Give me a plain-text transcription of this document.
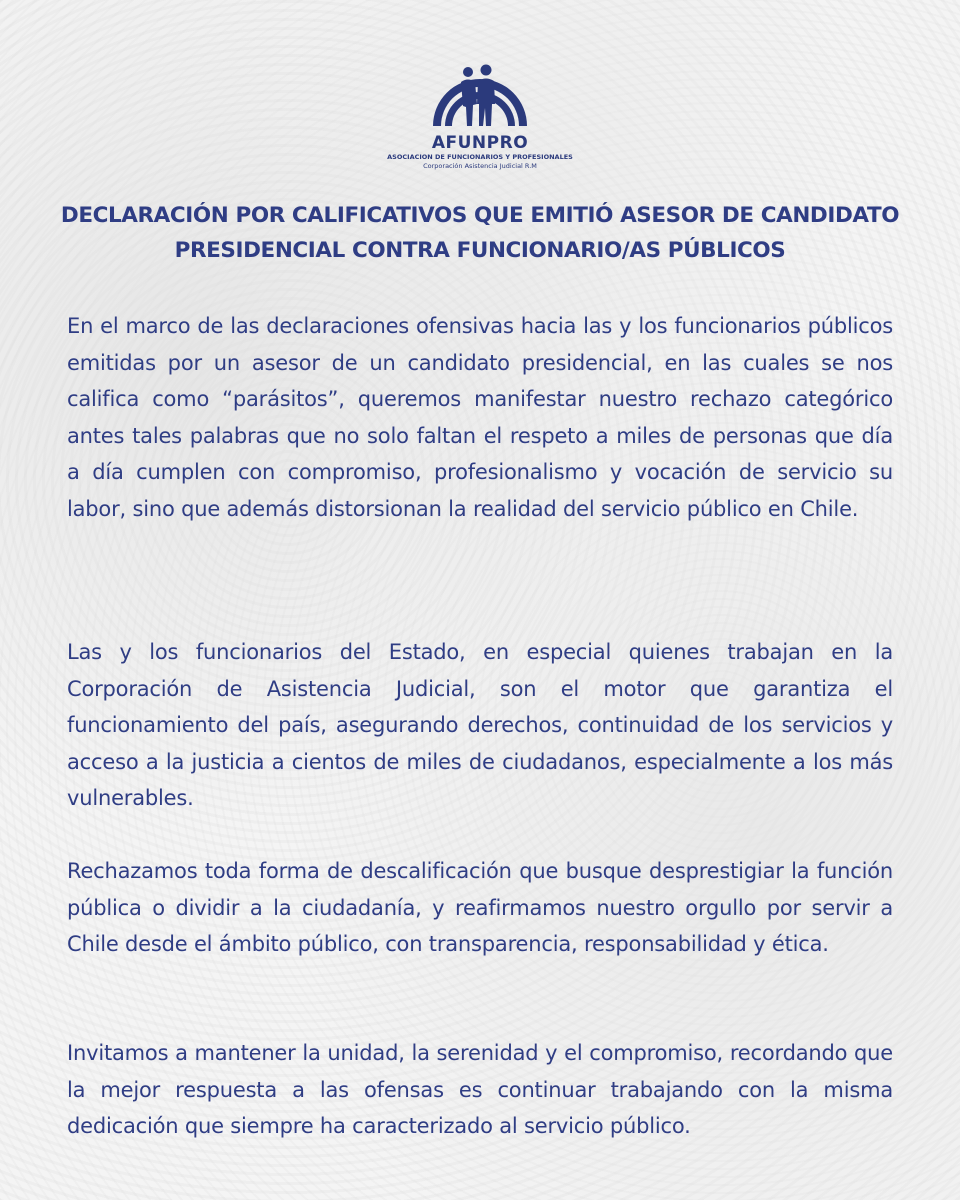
AFUNPRO
ASOCIACION DE FUNCIONARIOS Y PROFESIONALES
Corporación Asistencia Judicial R.M
DECLARACIÓN POR CALIFICATIVOS QUE EMITIÓ ASESOR DE CANDIDATO PRESIDENCIAL CONTRA FUNCIONARIO/AS PÚBLICOS

En el marco de las declaraciones ofensivas hacia las y los funcionarios públicos emitidas por un asesor de un candidato presidencial, en las cuales se nos califica como “parásitos”, queremos manifestar nuestro rechazo categórico antes tales palabras que no solo faltan el respeto a miles de personas que día a día cumplen con compromiso, profesionalismo y vocación de servicio su labor, sino que además distorsionan la realidad del servicio público en Chile.

Las y los funcionarios del Estado, en especial quienes trabajan en la Corporación de Asistencia Judicial, son el motor que garantiza el funcionamiento del país, asegurando derechos, continuidad de los servicios y acceso a la justicia a cientos de miles de ciudadanos, especialmente a los más vulnerables.

Rechazamos toda forma de descalificación que busque desprestigiar la función pública o dividir a la ciudadanía, y reafirmamos nuestro orgullo por servir a Chile desde el ámbito público, con transparencia, responsabilidad y ética.

Invitamos a mantener la unidad, la serenidad y el compromiso, recordando que la mejor respuesta a las ofensas es continuar trabajando con la misma dedicación que siempre ha caracterizado al servicio público.
